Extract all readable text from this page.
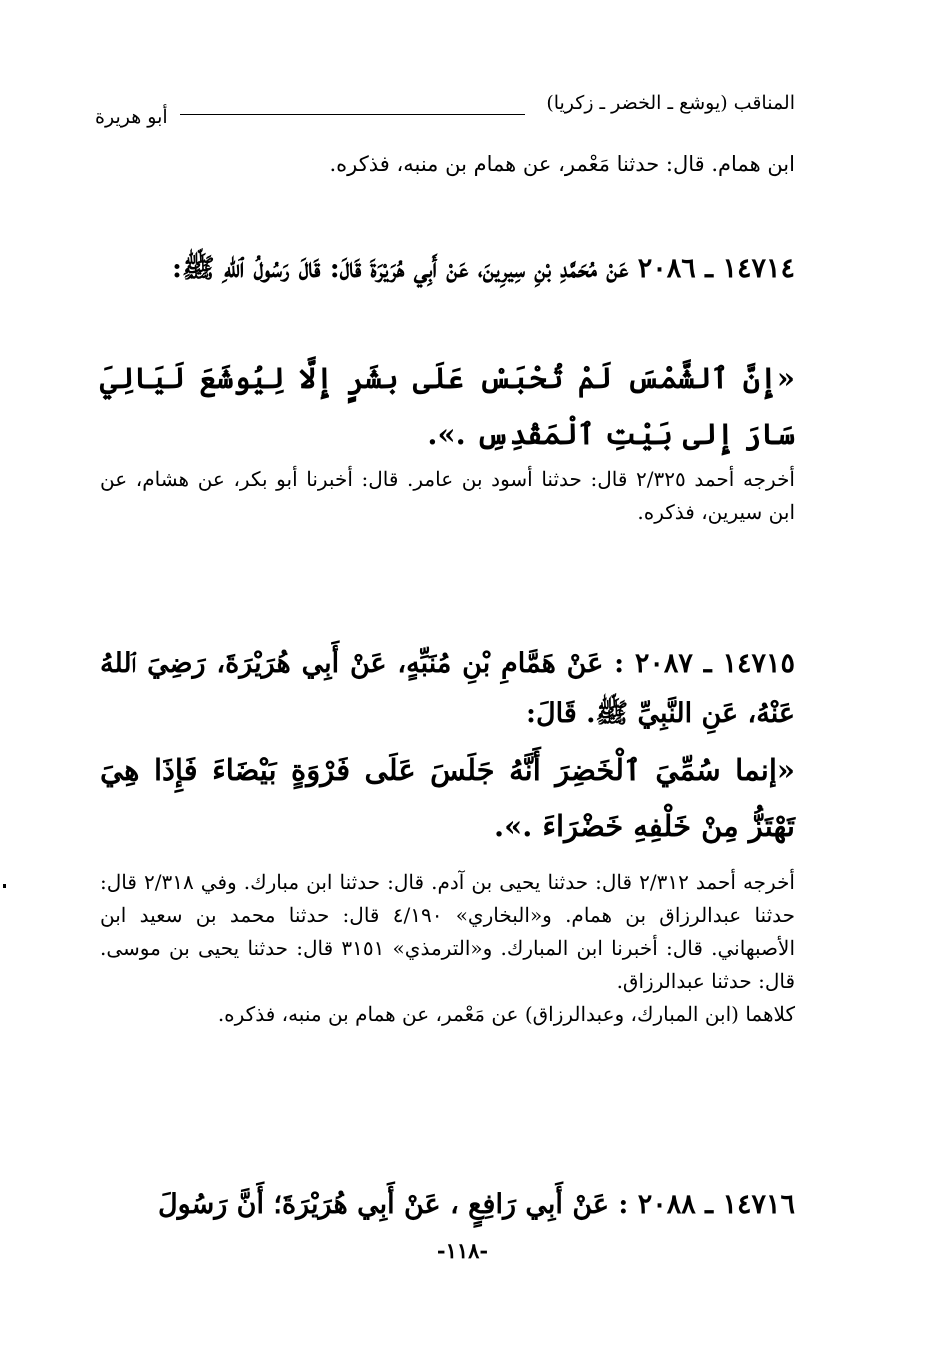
المناقب (يوشع ـ الخضر ـ زكريا)
أبو هريرة
ابن همام. قال: حدثنا مَعْمر، عن همام بن منبه، فذكره.
١٤٧١٤ ـ ٢٠٨٦ عَنْ مُحَمَّدِ بْنِ سِيرِينَ، عَنْ أَبِي هُرَيْرَةَ قَالَ: قَالَ رَسُولُ ٱللهِ ﷺ:
«إِنَّ ٱلشَّمْسَ لَمْ تُحْبَسْ عَلَى بشَرٍ إِلَّا لِيُوشَعَ لَيَالِيَ سَارَ إِلى بَيْتِ ٱلْمَقْدِسِ .».

أخرجه أحمد ٢/٣٢٥ قال: حدثنا أسود بن عامر. قال: أخبرنا أبو بكر، عن هشام، عن ابن سيرين، فذكره.

١٤٧١٥ ـ ٢٠٨٧ : عَنْ هَمَّامِ بْنِ مُنَبِّهٍ، عَنْ أَبِي هُرَيْرَةَ، رَضِيَ ٱللهُ عَنْهُ، عَنِ النَّبِيِّ ﷺ. قَالَ:
«إنما سُمِّيَ ٱلْخَضِرَ أَنَّهُ جَلَسَ عَلَى فَرْوَةٍ بَيْضَاءَ فَإِذَا هِيَ تَهْتَزُّ مِنْ خَلْفِهِ خَضْرَاءَ .».

أخرجه أحمد ٢/٣١٢ قال: حدثنا يحيى بن آدم. قال: حدثنا ابن مبارك. وفي ٢/٣١٨ قال: حدثنا عبدالرزاق بن همام. و«البخاري» ٤/١٩٠ قال: حدثنا محمد بن سعيد ابن الأصبهاني. قال: أخبرنا ابن المبارك. و«الترمذي» ٣١٥١ قال: حدثنا يحيى بن موسى. قال: حدثنا عبدالرزاق.

كلاهما (ابن المبارك، وعبدالرزاق) عن مَعْمر، عن همام بن منبه، فذكره.

١٤٧١٦ ـ ٢٠٨٨ : عَنْ أَبِي رَافِعٍ ، عَنْ أَبِي هُرَيْرَةَ؛ أَنَّ رَسُولَ
-١١٨-
